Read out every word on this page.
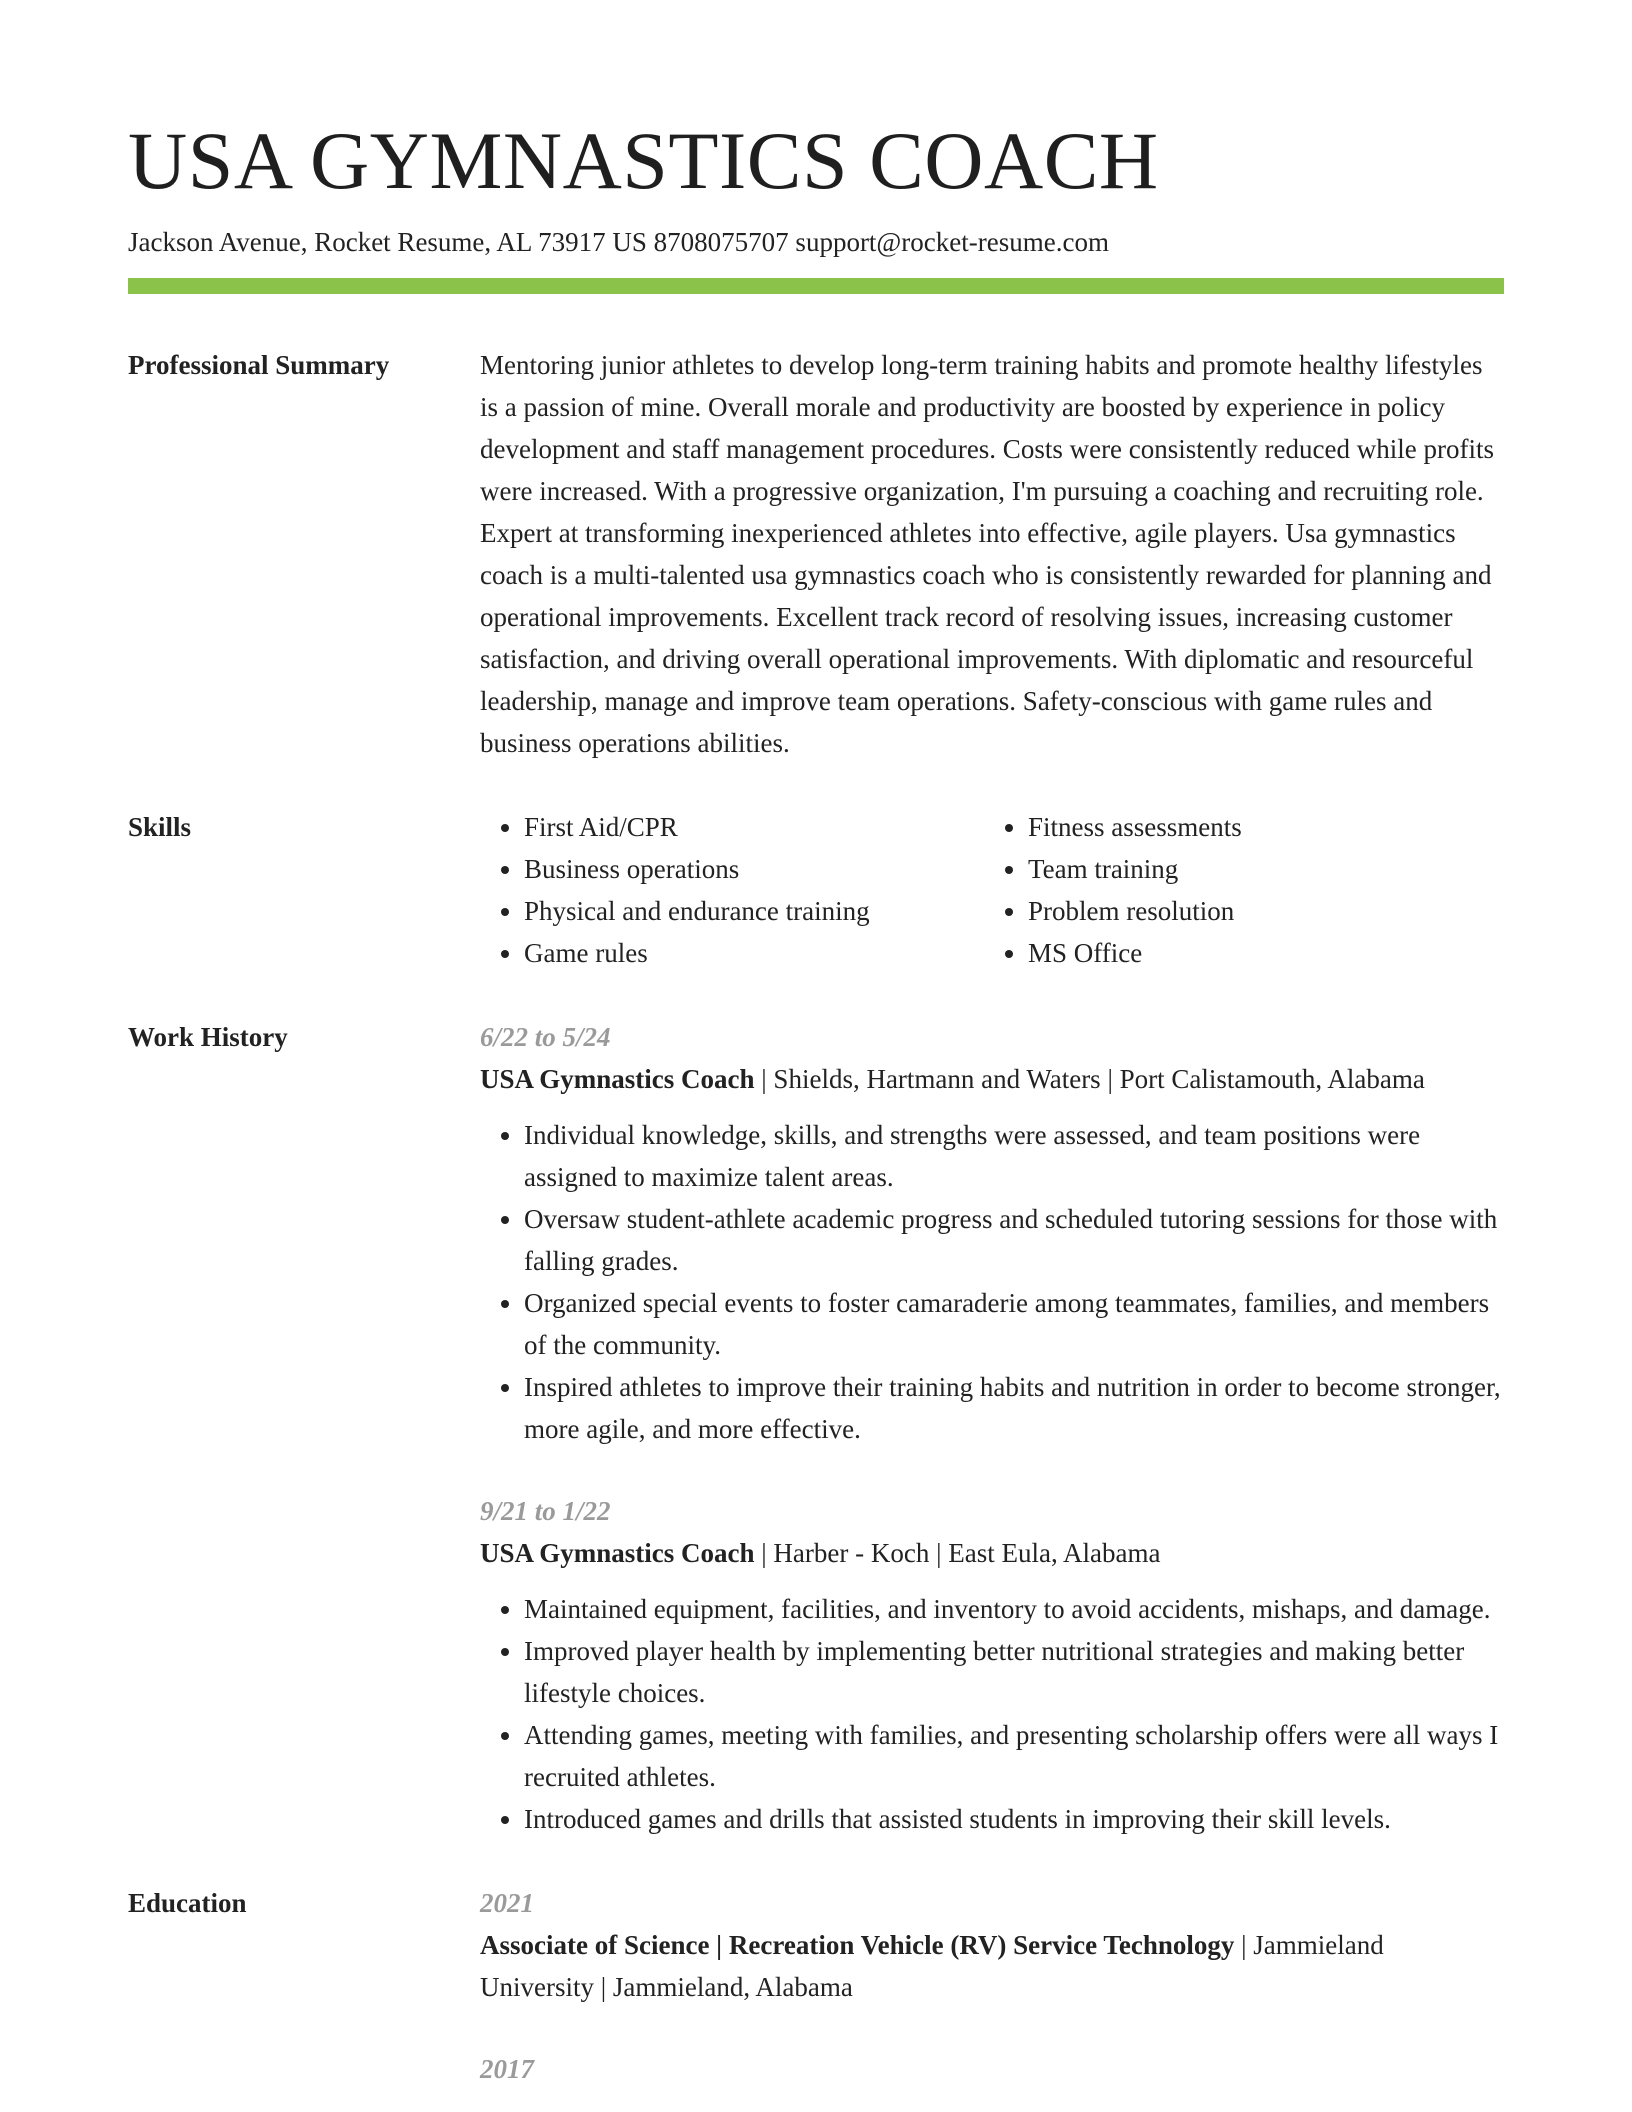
USA GYMNASTICS COACH
Jackson Avenue, Rocket Resume, AL 73917 US 8708075707 support@rocket-resume.com
Professional Summary	Mentoring junior athletes to develop long-term training habits and promote healthy lifestyles is a passion of mine. Overall morale and productivity are boosted by experience in policy development and staff management procedures. Costs were consistently reduced while profits were increased. With a progressive organization, I'm pursuing a coaching and recruiting role. Expert at transforming inexperienced athletes into effective, agile players. Usa gymnastics coach is a multi-talented usa gymnastics coach who is consistently rewarded for planning and operational improvements. Excellent track record of resolving issues, increasing customer satisfaction, and driving overall operational improvements. With diplomatic and resourceful leadership, manage and improve team operations. Safety-conscious with game rules and business operations abilities.

Skills
•	First Aid/CPR
• Business operations
• Physical and endurance training
• Game rules
• Fitness assessments
• Team training
• Problem resolution
• MS Office
Work History	6/22 to 5/24
USA Gymnastics Coach | Shields, Hartmann and Waters | Port Calistamouth, Alabama
• Individual knowledge, skills, and strengths were assessed, and team positions were assigned to maximize talent areas.
• Oversaw student-athlete academic progress and scheduled tutoring sessions for those with falling grades.
• Organized special events to foster camaraderie among teammates, families, and members of the community.
• Inspired athletes to improve their training habits and nutrition in order to become stronger, more agile, and more effective.
9/21 to 1/22
USA Gymnastics Coach | Harber - Koch | East Eula, Alabama
• Maintained equipment, facilities, and inventory to avoid accidents, mishaps, and damage.
• Improved player health by implementing better nutritional strategies and making better lifestyle choices.
• Attending games, meeting with families, and presenting scholarship offers were all ways I recruited athletes.
• Introduced games and drills that assisted students in improving their skill levels.
Education	2021
Associate of Science | Recreation Vehicle (RV) Service Technology | Jammieland University | Jammieland, Alabama
2017
